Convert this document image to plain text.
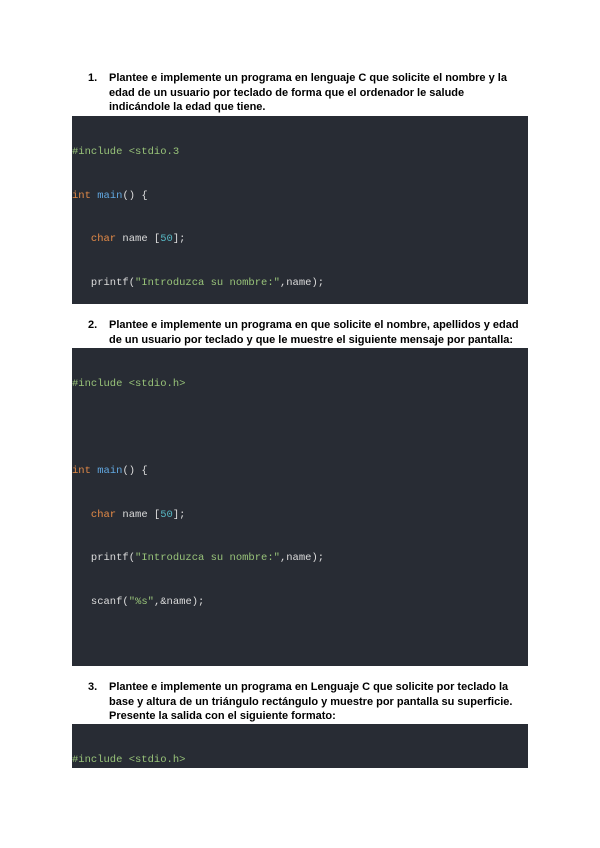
1.	Plantee e implemente un programa en lenguaje C que solicite el nombre y la edad de un usuario por teclado de forma que el ordenador le salude indicándole la edad que tiene.

#include <stdio.3

int main() {

char name [50];

printf("Introduzca su nombre:",name);

2.	Plantee e implemente un programa en que solicite el nombre, apellidos y edad de un usuario por teclado y que le muestre el siguiente mensaje por pantalla:

#include <stdio.h>

int main() {

char name [50];

printf("Introduzca su nombre:",name);

scanf("%s",&name);

3.	Plantee e implemente un programa en Lenguaje C que solicite por teclado la base y altura de un triángulo rectángulo y muestre por pantalla su superficie. Presente la salida con el siguiente formato:

#include <stdio.h>
